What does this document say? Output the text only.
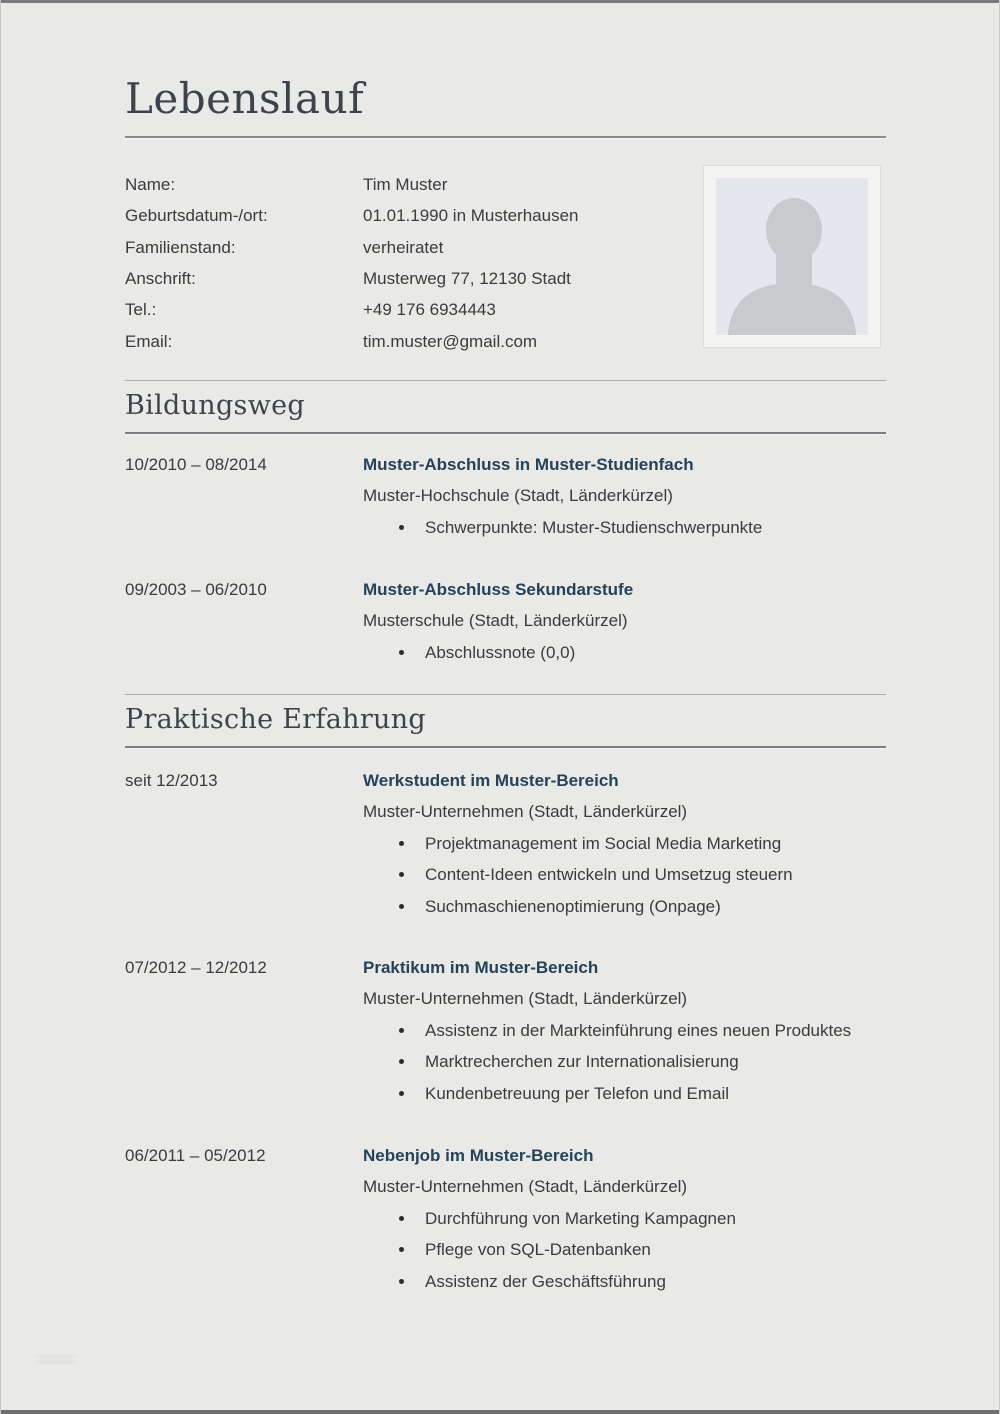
Lebenslauf
Name:	Tim Muster
Geburtsdatum-/ort:	01.01.1990 in Musterhausen
Familienstand:	verheiratet
Anschrift:	Musterweg 77, 12130 Stadt
Tel.:	+49 176 6934443
Email:	tim.muster@gmail.com
Bildungsweg
10/2010 – 08/2014	Muster-Abschluss in Muster-Studienfach
Muster-Hochschule (Stadt, Länderkürzel)
Schwerpunkte: Muster-Studienschwerpunkte
09/2003 – 06/2010	Muster-Abschluss Sekundarstufe
Musterschule (Stadt, Länderkürzel)
Abschlussnote (0,0)
Praktische Erfahrung
seit 12/2013	Werkstudent im Muster-Bereich
Muster-Unternehmen (Stadt, Länderkürzel)
Projektmanagement im Social Media Marketing
Content-Ideen entwickeln und Umsetzug steuern
Suchmaschienenoptimierung (Onpage)
07/2012 – 12/2012	Praktikum im Muster-Bereich
Muster-Unternehmen (Stadt, Länderkürzel)
Assistenz in der Markteinführung eines neuen Produktes
Marktrecherchen zur Internationalisierung
Kundenbetreuung per Telefon und Email
06/2011 – 05/2012	Nebenjob im Muster-Bereich
Muster-Unternehmen (Stadt, Länderkürzel)
Durchführung von Marketing Kampagnen
Pflege von SQL-Datenbanken
Assistenz der Geschäftsführung
